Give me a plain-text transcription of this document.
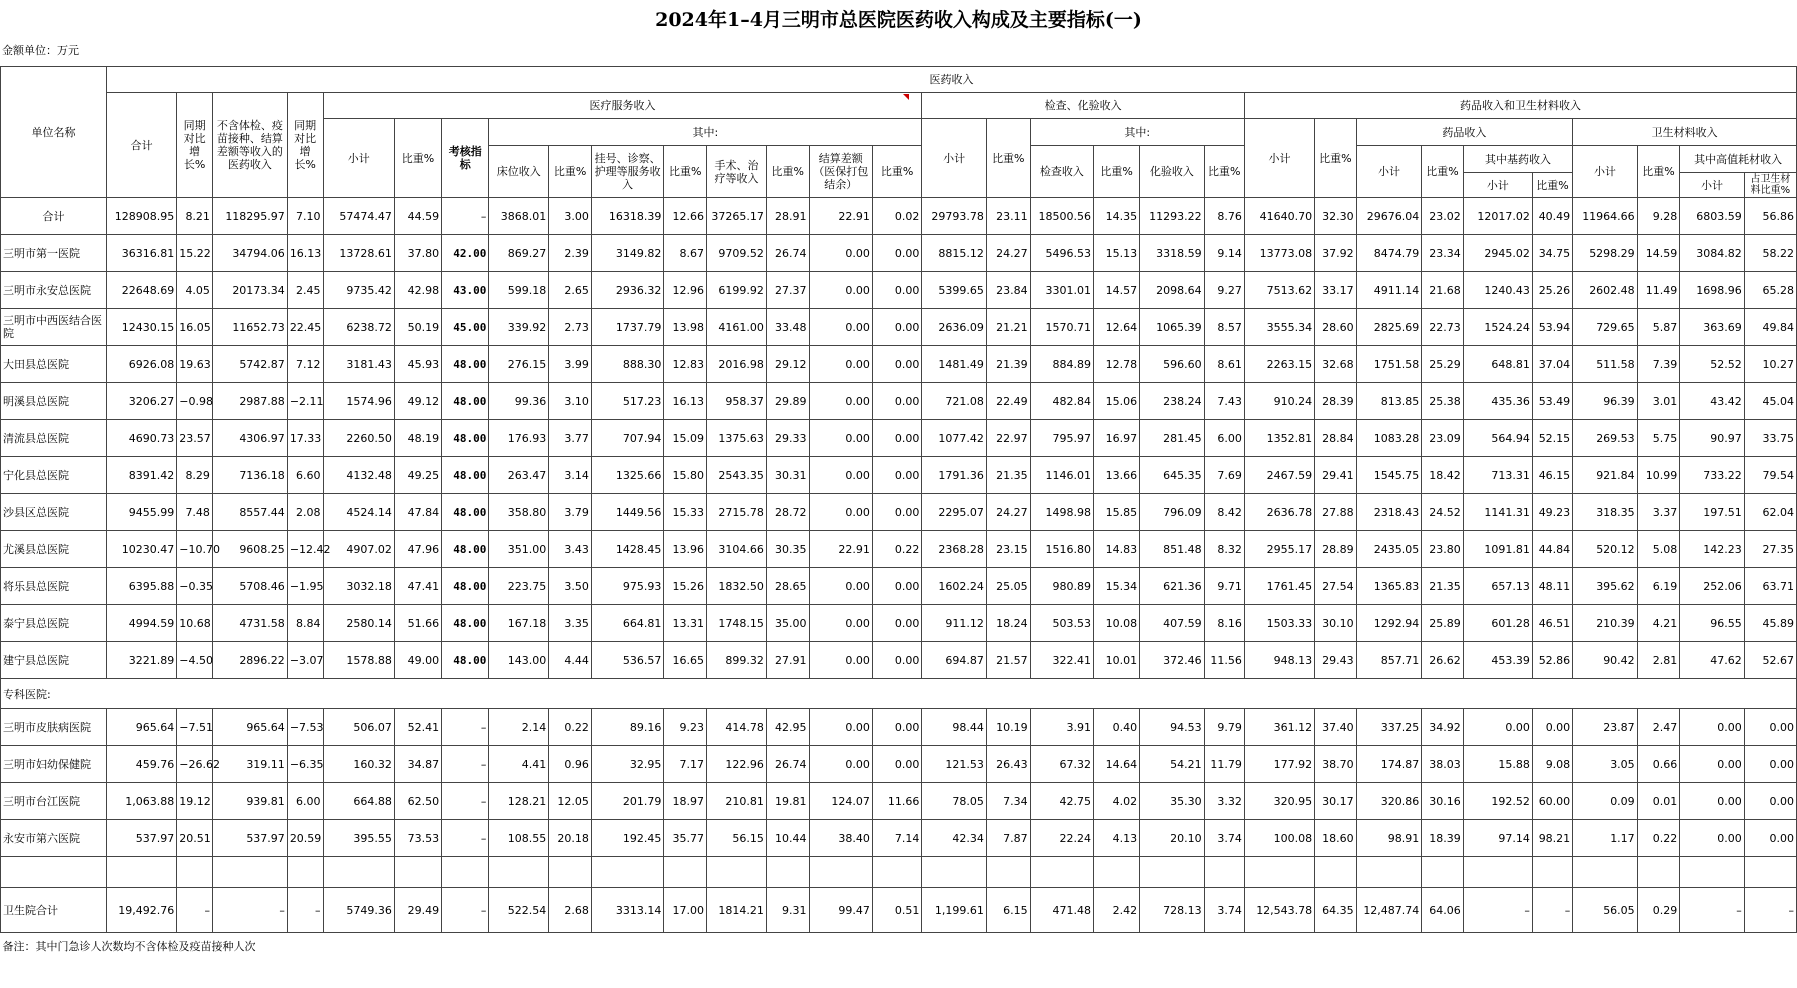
2024年1–4月三明市总医院医药收入构成及主要指标(一)
金额单位：万元
单位名称	医药收入																														
	合计	同期对比增长%	不含体检、疫苗接种、结算差额等收入的医药收入	同期对比增长%	医疗服务收入											检查、化验收入						药品收入和卫生材料收入									
					小计	比重%	考核指标	其中:								小计	比重%	其中:				小计	比重%	药品收入				卫生材料收入			
								床位收入	比重%	挂号、诊察、护理等服务收入	比重%	手术、治疗等收入	比重%	结算差额（医保打包结余）	比重%			检查收入	比重%	化验收入	比重%			小计	比重%	其中基药收入		小计	比重%	其中高值耗材收入	
																										小计	比重%			小计	占卫生材料比重%
合计	128908.95	8.21	118295.97	7.10	57474.47	44.59	–	3868.01	3.00	16318.39	12.66	37265.17	28.91	22.91	0.02	29793.78	23.11	18500.56	14.35	11293.22	8.76	41640.70	32.30	29676.04	23.02	12017.02	40.49	11964.66	9.28	6803.59	56.86
三明市第一医院	36316.81	15.22	34794.06	16.13	13728.61	37.80	42.00	869.27	2.39	3149.82	8.67	9709.52	26.74	0.00	0.00	8815.12	24.27	5496.53	15.13	3318.59	9.14	13773.08	37.92	8474.79	23.34	2945.02	34.75	5298.29	14.59	3084.82	58.22
三明市永安总医院	22648.69	4.05	20173.34	2.45	9735.42	42.98	43.00	599.18	2.65	2936.32	12.96	6199.92	27.37	0.00	0.00	5399.65	23.84	3301.01	14.57	2098.64	9.27	7513.62	33.17	4911.14	21.68	1240.43	25.26	2602.48	11.49	1698.96	65.28
三明市中西医结合医院	12430.15	16.05	11652.73	22.45	6238.72	50.19	45.00	339.92	2.73	1737.79	13.98	4161.00	33.48	0.00	0.00	2636.09	21.21	1570.71	12.64	1065.39	8.57	3555.34	28.60	2825.69	22.73	1524.24	53.94	729.65	5.87	363.69	49.84
大田县总医院	6926.08	19.63	5742.87	7.12	3181.43	45.93	48.00	276.15	3.99	888.30	12.83	2016.98	29.12	0.00	0.00	1481.49	21.39	884.89	12.78	596.60	8.61	2263.15	32.68	1751.58	25.29	648.81	37.04	511.58	7.39	52.52	10.27
明溪县总医院	3206.27	−0.98	2987.88	−2.11	1574.96	49.12	48.00	99.36	3.10	517.23	16.13	958.37	29.89	0.00	0.00	721.08	22.49	482.84	15.06	238.24	7.43	910.24	28.39	813.85	25.38	435.36	53.49	96.39	3.01	43.42	45.04
清流县总医院	4690.73	23.57	4306.97	17.33	2260.50	48.19	48.00	176.93	3.77	707.94	15.09	1375.63	29.33	0.00	0.00	1077.42	22.97	795.97	16.97	281.45	6.00	1352.81	28.84	1083.28	23.09	564.94	52.15	269.53	5.75	90.97	33.75
宁化县总医院	8391.42	8.29	7136.18	6.60	4132.48	49.25	48.00	263.47	3.14	1325.66	15.80	2543.35	30.31	0.00	0.00	1791.36	21.35	1146.01	13.66	645.35	7.69	2467.59	29.41	1545.75	18.42	713.31	46.15	921.84	10.99	733.22	79.54
沙县区总医院	9455.99	7.48	8557.44	2.08	4524.14	47.84	48.00	358.80	3.79	1449.56	15.33	2715.78	28.72	0.00	0.00	2295.07	24.27	1498.98	15.85	796.09	8.42	2636.78	27.88	2318.43	24.52	1141.31	49.23	318.35	3.37	197.51	62.04
尤溪县总医院	10230.47	−10.70	9608.25	−12.42	4907.02	47.96	48.00	351.00	3.43	1428.45	13.96	3104.66	30.35	22.91	0.22	2368.28	23.15	1516.80	14.83	851.48	8.32	2955.17	28.89	2435.05	23.80	1091.81	44.84	520.12	5.08	142.23	27.35
将乐县总医院	6395.88	−0.35	5708.46	−1.95	3032.18	47.41	48.00	223.75	3.50	975.93	15.26	1832.50	28.65	0.00	0.00	1602.24	25.05	980.89	15.34	621.36	9.71	1761.45	27.54	1365.83	21.35	657.13	48.11	395.62	6.19	252.06	63.71
泰宁县总医院	4994.59	10.68	4731.58	8.84	2580.14	51.66	48.00	167.18	3.35	664.81	13.31	1748.15	35.00	0.00	0.00	911.12	18.24	503.53	10.08	407.59	8.16	1503.33	30.10	1292.94	25.89	601.28	46.51	210.39	4.21	96.55	45.89
建宁县总医院	3221.89	−4.50	2896.22	−3.07	1578.88	49.00	48.00	143.00	4.44	536.57	16.65	899.32	27.91	0.00	0.00	694.87	21.57	322.41	10.01	372.46	11.56	948.13	29.43	857.71	26.62	453.39	52.86	90.42	2.81	47.62	52.67
专科医院:																															
三明市皮肤病医院	965.64	−7.51	965.64	−7.53	506.07	52.41	–	2.14	0.22	89.16	9.23	414.78	42.95	0.00	0.00	98.44	10.19	3.91	0.40	94.53	9.79	361.12	37.40	337.25	34.92	0.00	0.00	23.87	2.47	0.00	0.00
三明市妇幼保健院	459.76	−26.62	319.11	−6.35	160.32	34.87	–	4.41	0.96	32.95	7.17	122.96	26.74	0.00	0.00	121.53	26.43	67.32	14.64	54.21	11.79	177.92	38.70	174.87	38.03	15.88	9.08	3.05	0.66	0.00	0.00
三明市台江医院	1,063.88	19.12	939.81	6.00	664.88	62.50	–	128.21	12.05	201.79	18.97	210.81	19.81	124.07	11.66	78.05	7.34	42.75	4.02	35.30	3.32	320.95	30.17	320.86	30.16	192.52	60.00	0.09	0.01	0.00	0.00
永安市第六医院	537.97	20.51	537.97	20.59	395.55	73.53	–	108.55	20.18	192.45	35.77	56.15	10.44	38.40	7.14	42.34	7.87	22.24	4.13	20.10	3.74	100.08	18.60	98.91	18.39	97.14	98.21	1.17	0.22	0.00	0.00

卫生院合计	19,492.76	–	–	–	5749.36	29.49	–	522.54	2.68	3313.14	17.00	1814.21	9.31	99.47	0.51	1,199.61	6.15	471.48	2.42	728.13	3.74	12,543.78	64.35	12,487.74	64.06	–	–	56.05	0.29	–	–
备注：其中门急诊人次数均不含体检及疫苗接种人次																															
